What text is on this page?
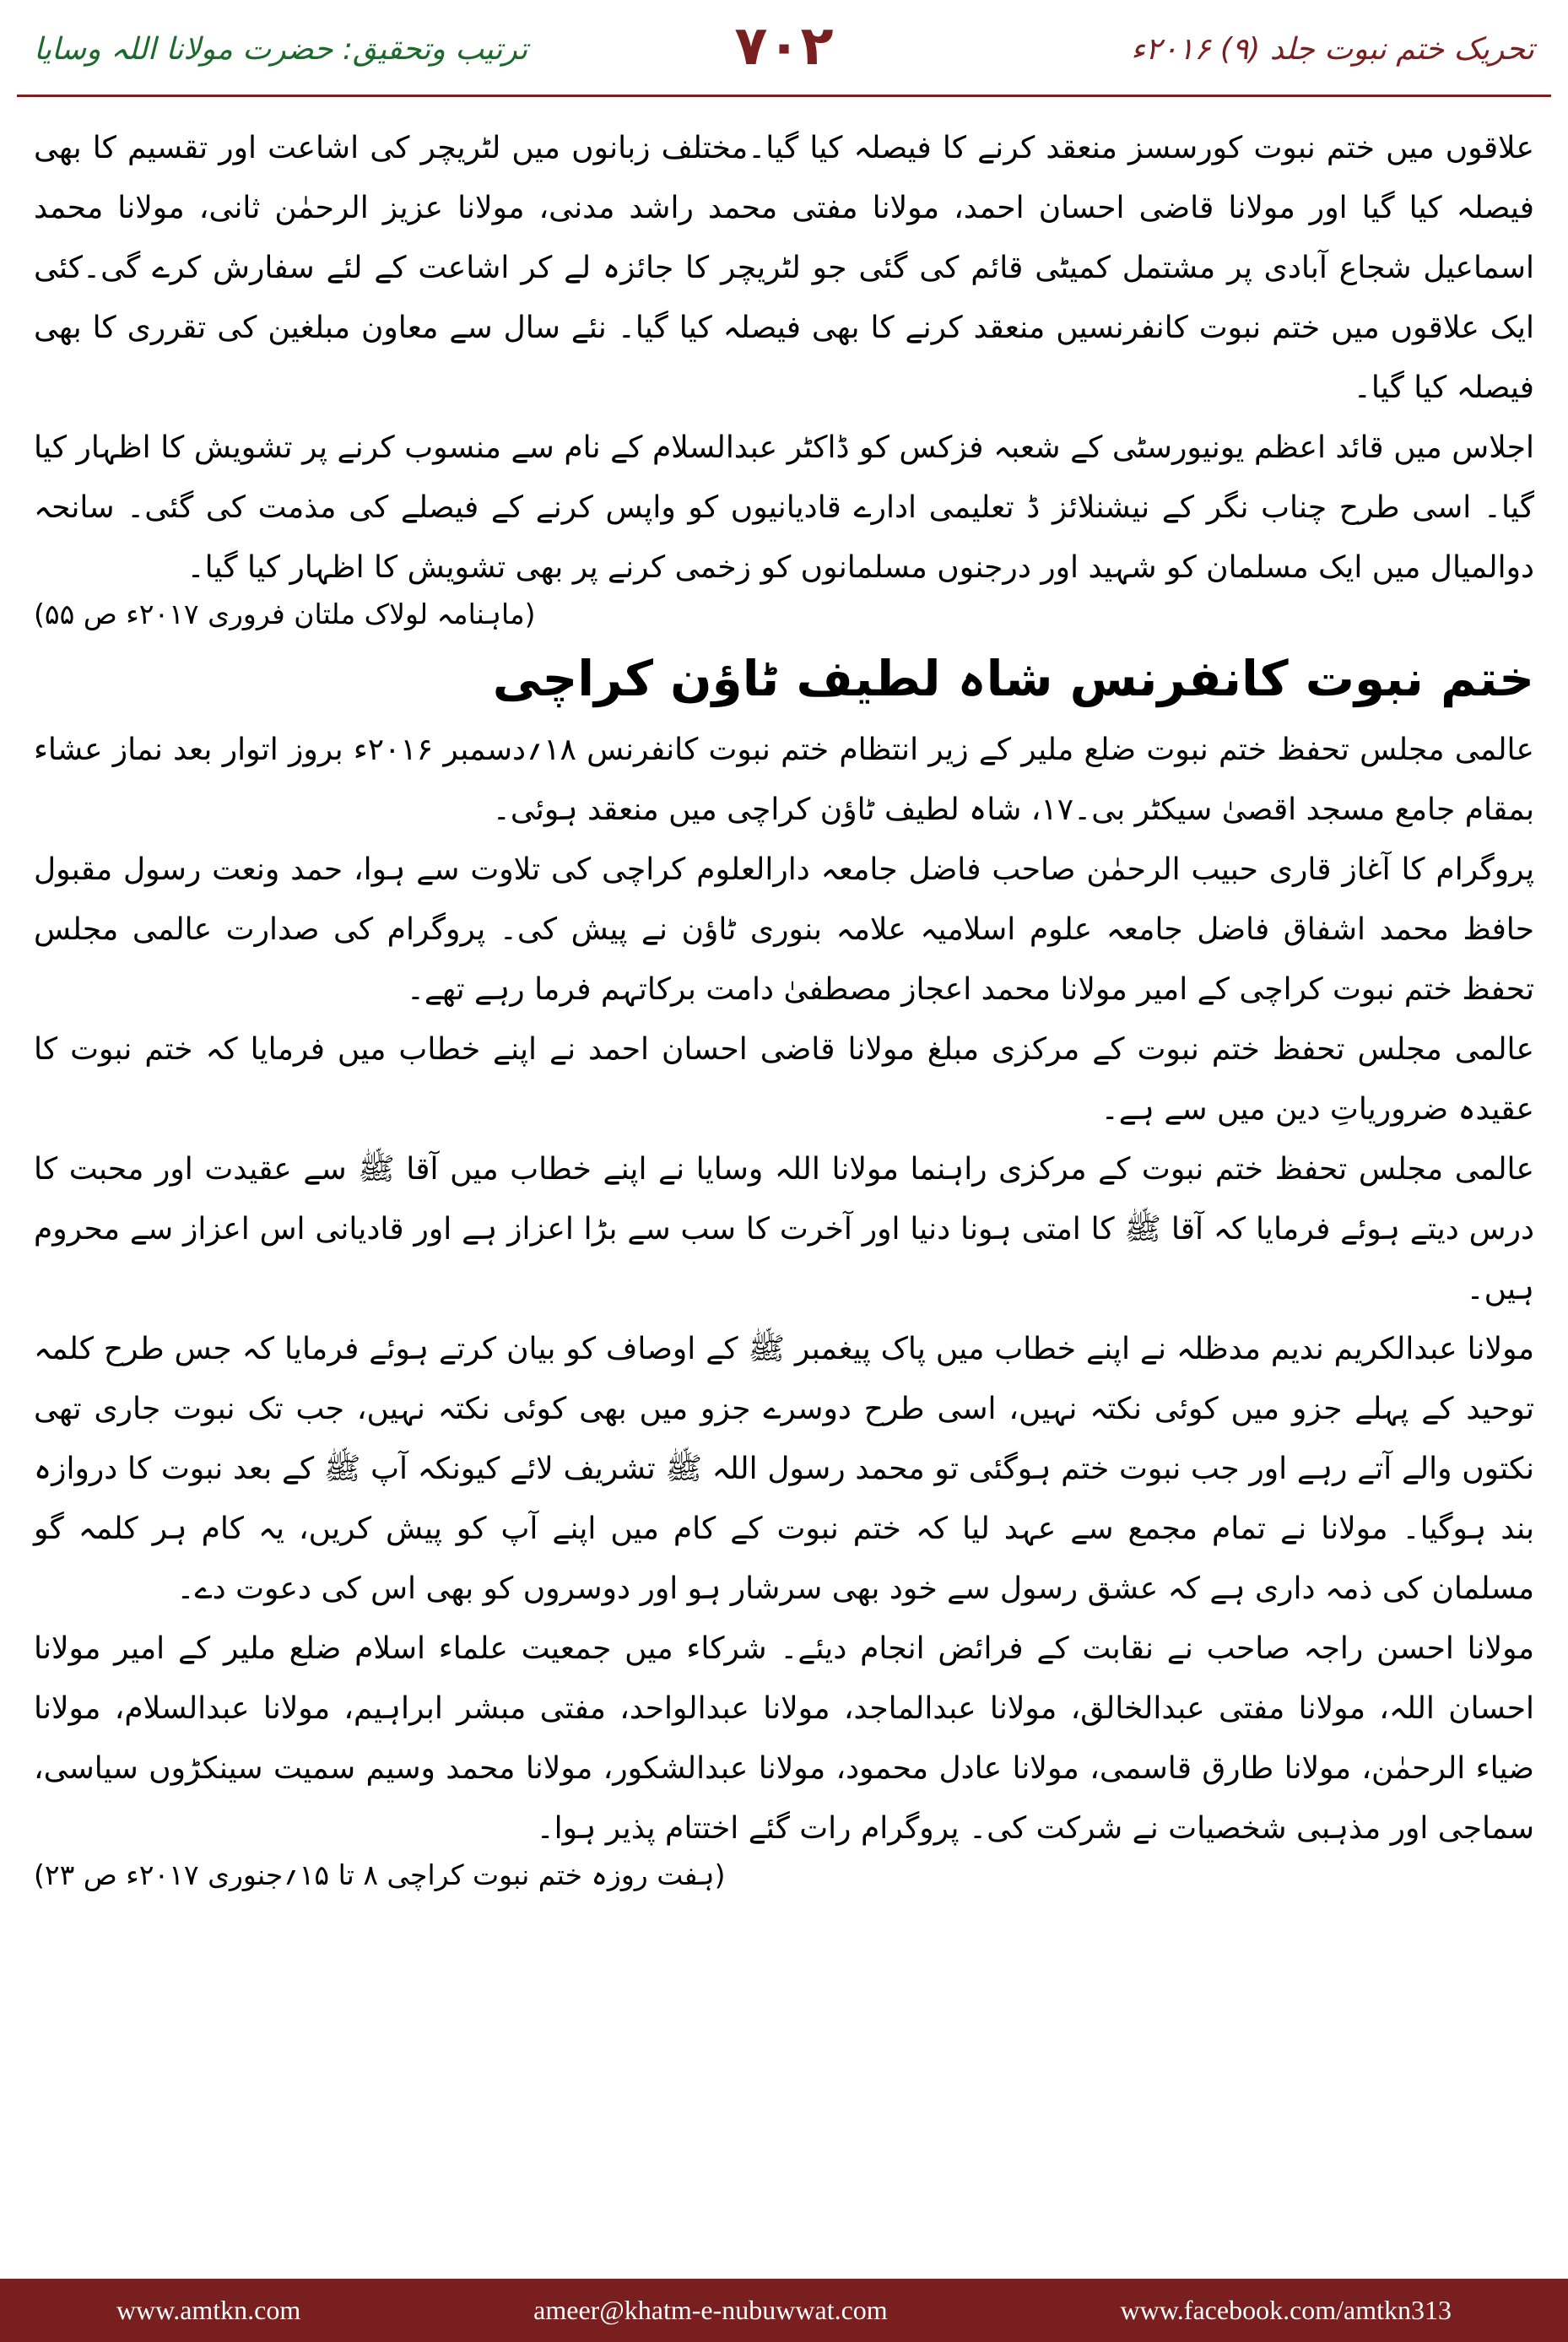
تحریک ختم نبوت جلد (۹) ۲۰۱۶ء
۷۰۲
ترتیب وتحقیق: حضرت مولانا اللہ وسایا

علاقوں میں ختم نبوت کورسسز منعقد کرنے کا فیصلہ کیا گیا۔مختلف زبانوں میں لٹریچر کی اشاعت اور تقسیم کا بھی فیصلہ کیا گیا اور مولانا قاضی احسان احمد، مولانا مفتی محمد راشد مدنی، مولانا عزیز الرحمٰن ثانی، مولانا محمد اسماعیل شجاع آبادی پر مشتمل کمیٹی قائم کی گئی جو لٹریچر کا جائزہ لے کر اشاعت کے لئے سفارش کرے گی۔کئی ایک علاقوں میں ختم نبوت کانفرنسیں منعقد کرنے کا بھی فیصلہ کیا گیا۔ نئے سال سے معاون مبلغین کی تقرری کا بھی فیصلہ کیا گیا۔

اجلاس میں قائد اعظم یونیورسٹی کے شعبہ فزکس کو ڈاکٹر عبدالسلام کے نام سے منسوب کرنے پر تشویش کا اظہار کیا گیا۔ اسی طرح چناب نگر کے نیشنلائز ڈ تعلیمی ادارے قادیانیوں کو واپس کرنے کے فیصلے کی مذمت کی گئی۔ سانحہ دوالمیال میں ایک مسلمان کو شہید اور درجنوں مسلمانوں کو زخمی کرنے پر بھی تشویش کا اظہار کیا گیا۔

(ماہنامہ لولاک ملتان فروری ۲۰۱۷ء ص ۵۵)
ختم نبوت کانفرنس شاہ لطیف ٹاؤن کراچی

عالمی مجلس تحفظ ختم نبوت ضلع ملیر کے زیر انتظام ختم نبوت کانفرنس ۱۸؍دسمبر ۲۰۱۶ء بروز اتوار بعد نماز عشاء بمقام جامع مسجد اقصیٰ سیکٹر بی۔۱۷، شاہ لطیف ٹاؤن کراچی میں منعقد ہوئی۔

پروگرام کا آغاز قاری حبیب الرحمٰن صاحب فاضل جامعہ دارالعلوم کراچی کی تلاوت سے ہوا، حمد ونعت رسول مقبول حافظ محمد اشفاق فاضل جامعہ علوم اسلامیہ علامہ بنوری ٹاؤن نے پیش کی۔ پروگرام کی صدارت عالمی مجلس تحفظ ختم نبوت کراچی کے امیر مولانا محمد اعجاز مصطفیٰ دامت برکاتہم فرما رہے تھے۔

عالمی مجلس تحفظ ختم نبوت کے مرکزی مبلغ مولانا قاضی احسان احمد نے اپنے خطاب میں فرمایا کہ ختم نبوت کا عقیدہ ضروریاتِ دین میں سے ہے۔

عالمی مجلس تحفظ ختم نبوت کے مرکزی راہنما مولانا اللہ وسایا نے اپنے خطاب میں آقا ﷺ سے عقیدت اور محبت کا درس دیتے ہوئے فرمایا کہ آقا ﷺ کا امتی ہونا دنیا اور آخرت کا سب سے بڑا اعزاز ہے اور قادیانی اس اعزاز سے محروم ہیں۔

مولانا عبدالکریم ندیم مدظلہ نے اپنے خطاب میں پاک پیغمبر ﷺ کے اوصاف کو بیان کرتے ہوئے فرمایا کہ جس طرح کلمہ توحید کے پہلے جزو میں کوئی نکتہ نہیں، اسی طرح دوسرے جزو میں بھی کوئی نکتہ نہیں، جب تک نبوت جاری تھی نکتوں والے آتے رہے اور جب نبوت ختم ہوگئی تو محمد رسول اللہ ﷺ تشریف لائے کیونکہ آپ ﷺ کے بعد نبوت کا دروازہ بند ہوگیا۔ مولانا نے تمام مجمع سے عہد لیا کہ ختم نبوت کے کام میں اپنے آپ کو پیش کریں، یہ کام ہر کلمہ گو مسلمان کی ذمہ داری ہے کہ عشق رسول سے خود بھی سرشار ہو اور دوسروں کو بھی اس کی دعوت دے۔

مولانا احسن راجہ صاحب نے نقابت کے فرائض انجام دیئے۔ شرکاء میں جمعیت علماء اسلام ضلع ملیر کے امیر مولانا احسان اللہ، مولانا مفتی عبدالخالق، مولانا عبدالماجد، مولانا عبدالواحد، مفتی مبشر ابراہیم، مولانا عبدالسلام، مولانا ضیاء الرحمٰن، مولانا طارق قاسمی، مولانا عادل محمود، مولانا عبدالشکور، مولانا محمد وسیم سمیت سینکڑوں سیاسی، سماجی اور مذہبی شخصیات نے شرکت کی۔ پروگرام رات گئے اختتام پذیر ہوا۔

(ہفت روزہ ختم نبوت کراچی ۸ تا ۱۵؍جنوری ۲۰۱۷ء ص ۲۳)
www.amtkn.com	ameer@khatm-e-nubuwwat.com	www.facebook.com/amtkn313
